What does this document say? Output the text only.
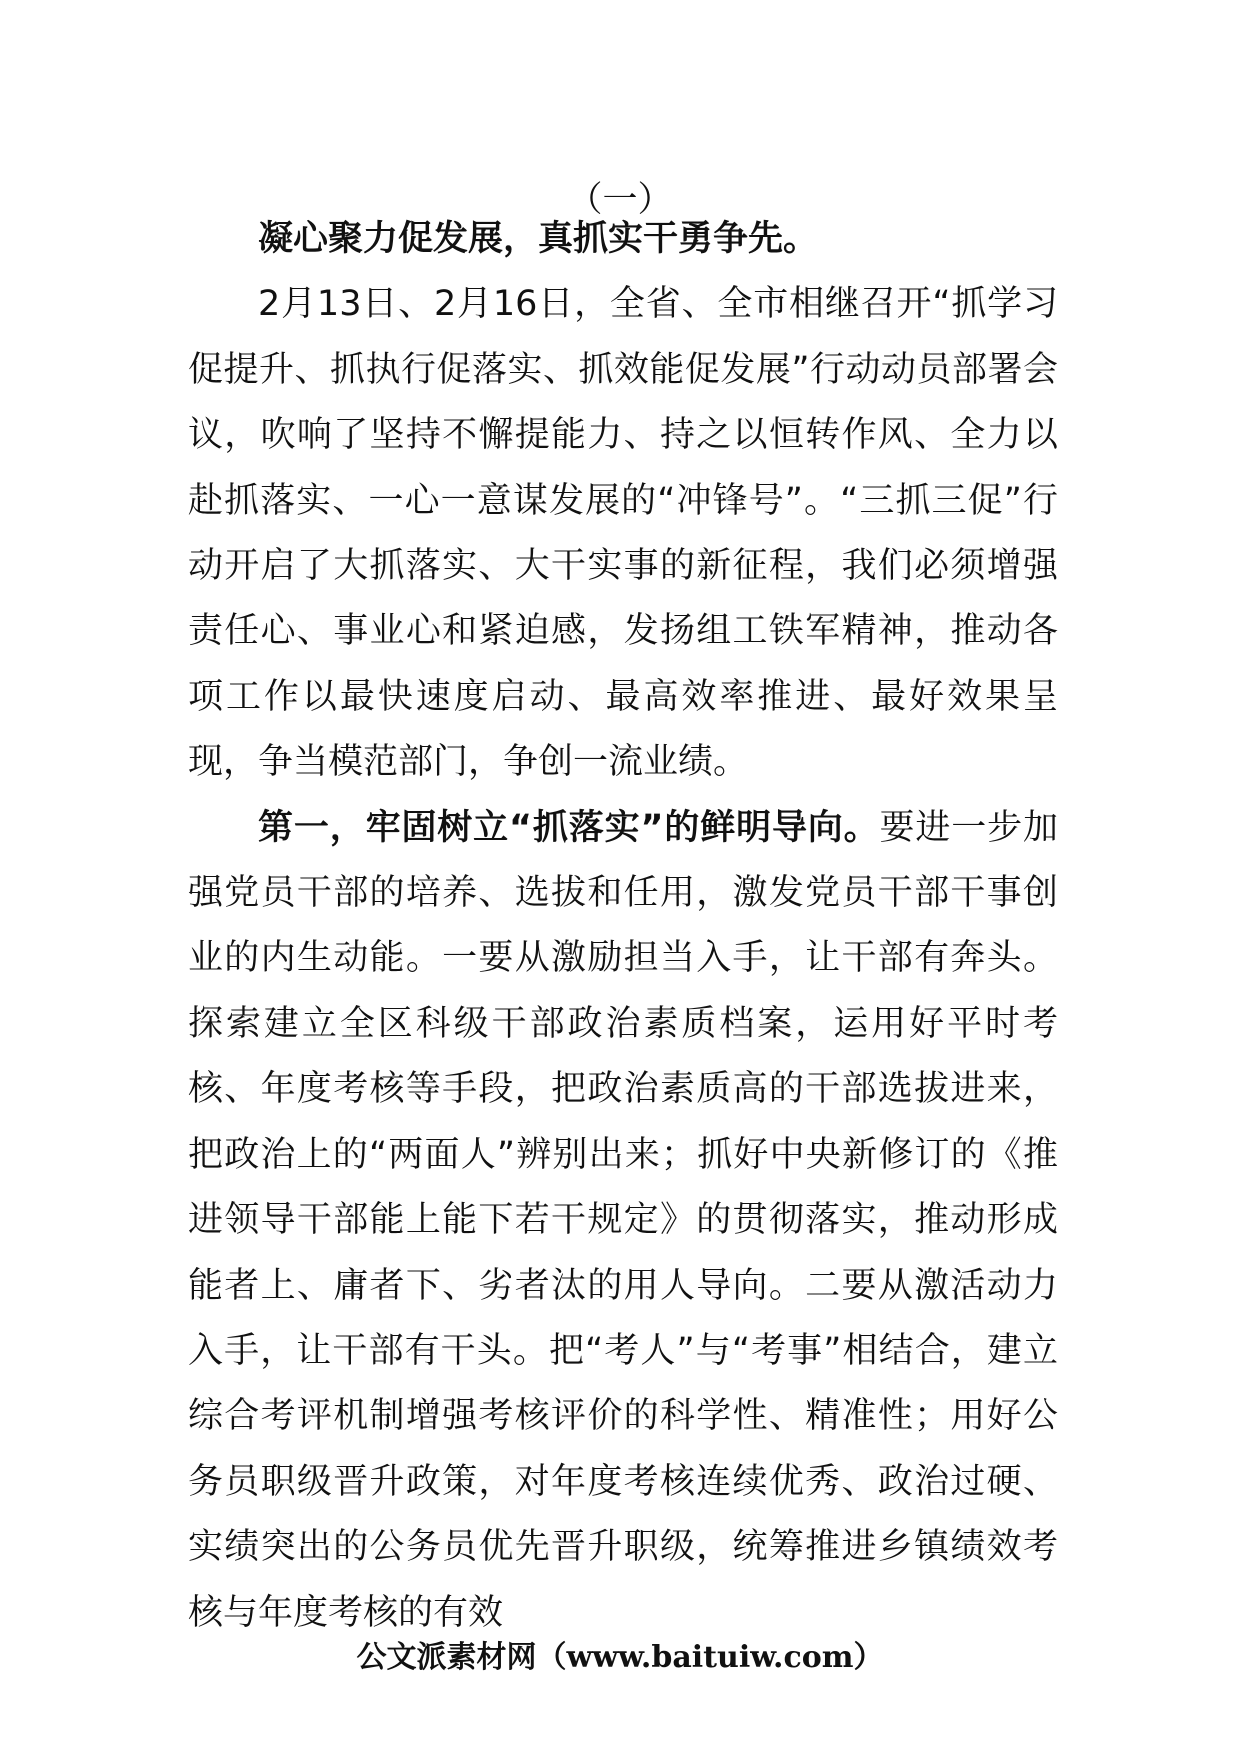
（一）

凝心聚力促发展，真抓实干勇争先。

2月13日、2月16日，全省、全市相继召开“抓学习促提升、抓执行促落实、抓效能促发展”行动动员部署会议，吹响了坚持不懈提能力、持之以恒转作风、全力以赴抓落实、一心一意谋发展的“冲锋号”。“三抓三促”行动开启了大抓落实、大干实事的新征程，我们必须增强责任心、事业心和紧迫感，发扬组工铁军精神，推动各项工作以最快速度启动、最高效率推进、最好效果呈现，争当模范部门，争创一流业绩。

第一，牢固树立“抓落实”的鲜明导向。要进一步加强党员干部的培养、选拔和任用，激发党员干部干事创业的内生动能。一要从激励担当入手，让干部有奔头。探索建立全区科级干部政治素质档案，运用好平时考核、年度考核等手段，把政治素质高的干部选拔进来，把政治上的“两面人”辨别出来；抓好中央新修订的《推进领导干部能上能下若干规定》的贯彻落实，推动形成能者上、庸者下、劣者汰的用人导向。二要从激活动力入手，让干部有干头。把“考人”与“考事”相结合，建立综合考评机制增强考核评价的科学性、精准性；用好公务员职级晋升政策，对年度考核连续优秀、政治过硬、实绩突出的公务员优先晋升职级，统筹推进乡镇绩效考核与年度考核的有效

公文派素材网（www.baituiw.com）
